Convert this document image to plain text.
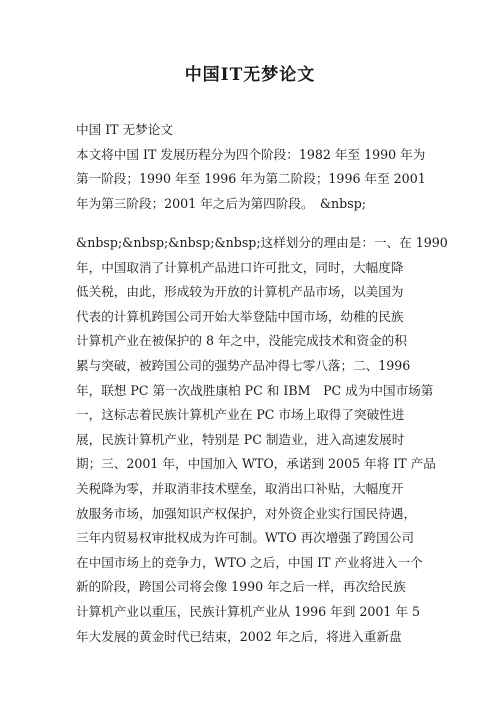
中国IT无梦论文
中国 IT 无梦论文
本文将中国 IT 发展历程分为四个阶段：1982 年至 1990 年为
第一阶段；1990 年至 1996 年为第二阶段；1996 年至 2001
年为第三阶段；2001 年之后为第四阶段。　&nbsp;
&nbsp;&nbsp;&nbsp;&nbsp;这样划分的理由是：一、在 1990
年，中国取消了计算机产品进口许可批文，同时，大幅度降
低关税，由此，形成较为开放的计算机产品市场，以美国为
代表的计算机跨国公司开始大举登陆中国市场，幼稚的民族
计算机产业在被保护的 8 年之中，没能完成技术和资金的积
累与突破，被跨国公司的强势产品冲得七零八落；二、1996
年，联想 PC 第一次战胜康柏 PC 和 IBM　PC 成为中国市场第
一，这标志着民族计算机产业在 PC 市场上取得了突破性进
展，民族计算机产业，特别是 PC 制造业，进入高速发展时
期；三、2001 年，中国加入 WTO，承诺到 2005 年将 IT 产品
关税降为零，并取消非技术壁垒，取消出口补贴，大幅度开
放服务市场，加强知识产权保护，对外资企业实行国民待遇，
三年内贸易权审批权成为许可制。WTO 再次增强了跨国公司
在中国市场上的竞争力，WTO 之后，中国 IT 产业将进入一个
新的阶段，跨国公司将会像 1990 年之后一样，再次给民族
计算机产业以重压，民族计算机产业从 1996 年到 2001 年 5
年大发展的黄金时代已结束，2002 年之后，将进入重新盘
